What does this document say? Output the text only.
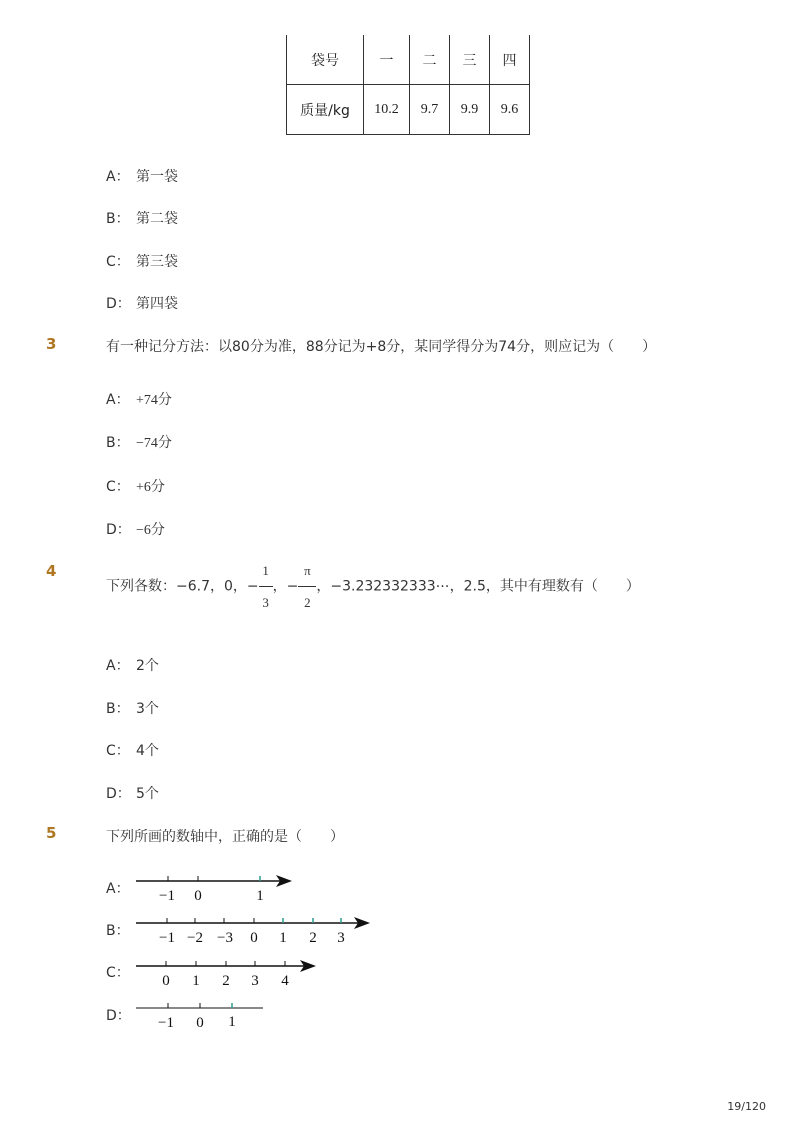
袋号	一	二	三	四
质量/kg	10.2	9.7	9.9	9.6
A： 第一袋
B： 第二袋
C： 第三袋
D： 第四袋
3	有一种记分方法：以80分为准，88分记为+8分，某同学得分为74分，则应记为（　　）
A： +74分
B： −74分
C： +6分
D： −6分
4
下列各数：−6.7，0，− $\frac{1}{3}$ ，− $\frac{\pi}{2}$ ，−3.232332333⋯，2.5，其中有理数有（　　）
A： 2个
B： 3个
C： 4个
D： 5个
5	下列所画的数轴中，正确的是（　　）
A： −1 0	1
B： −1 −2 −3 0 1 2 3
C： 0 1 2 3 4
D： −1 0 1
19/120
